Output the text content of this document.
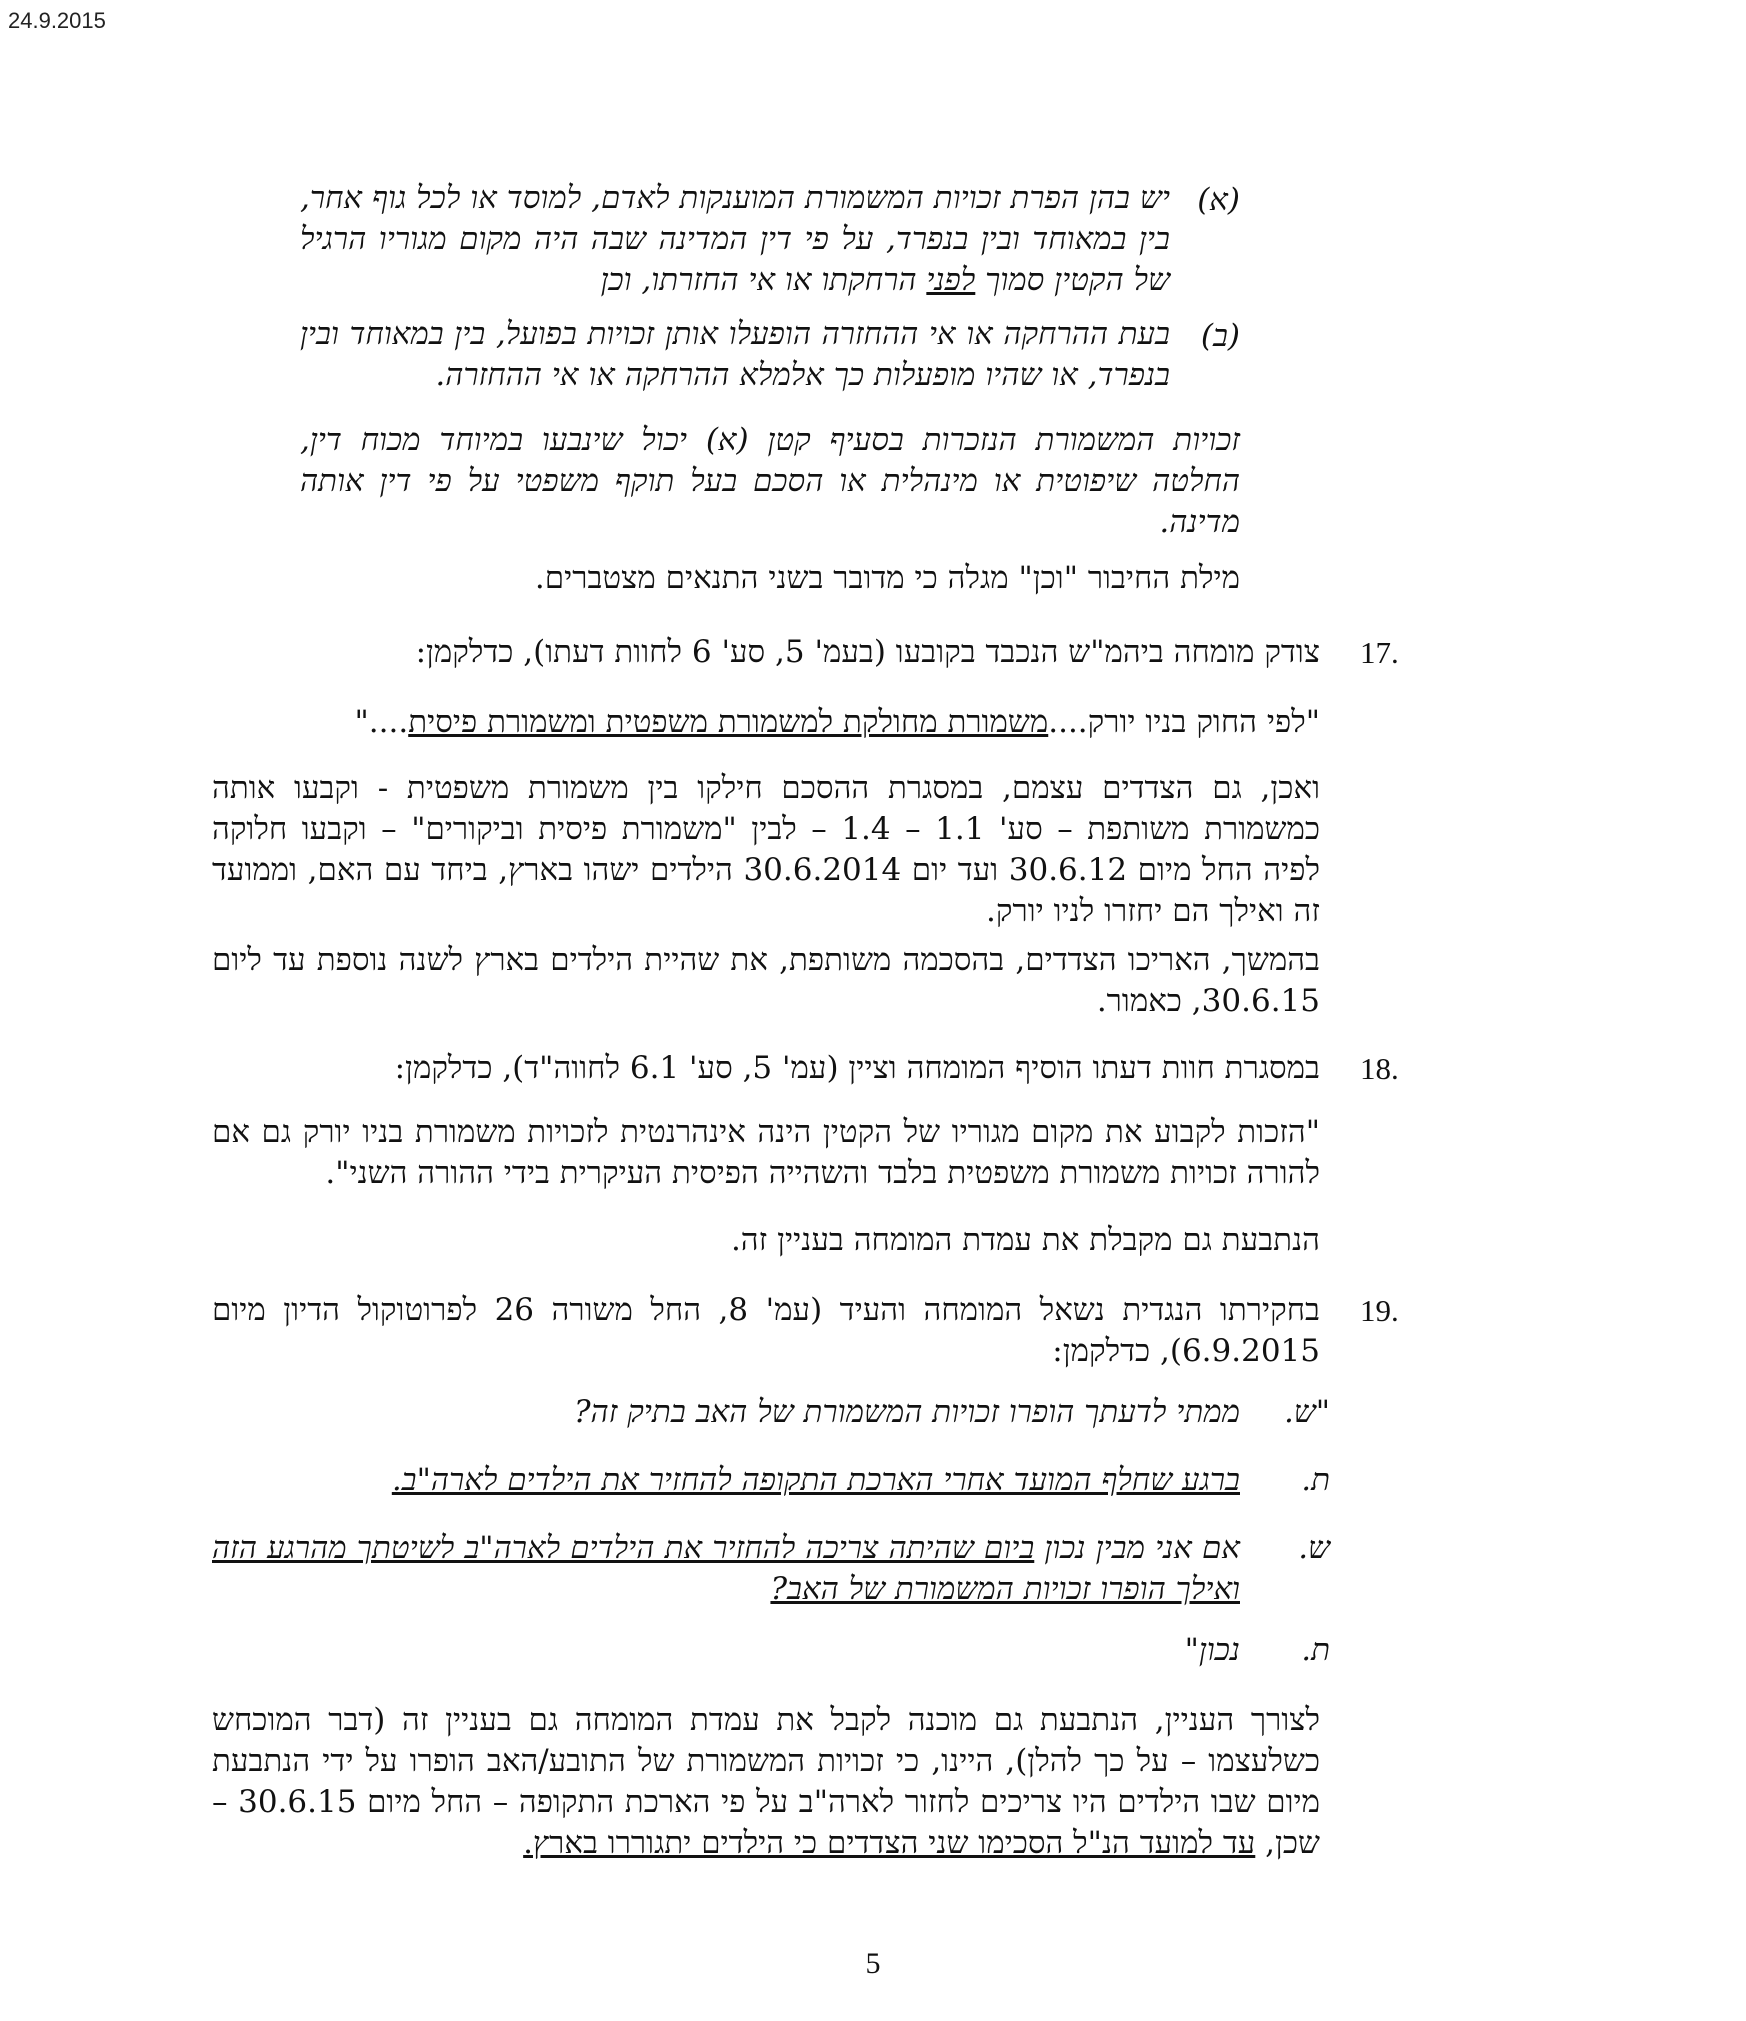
24.9.2015
(א)
יש בהן הפרת זכויות המשמורת המוענקות לאדם, למוסד או לכל גוף אחר, בין במאוחד ובין בנפרד, על פי דין המדינה שבה היה מקום מגוריו הרגיל של הקטין סמוך לפני הרחקתו או אי החזרתו, וכן
(ב)
בעת ההרחקה או אי ההחזרה הופעלו אותן זכויות בפועל, בין במאוחד ובין בנפרד, או שהיו מופעלות כך אלמלא ההרחקה או אי ההחזרה.
זכויות המשמורת הנזכרות בסעיף קטן (א) יכול שינבעו במיוחד מכוח דין, החלטה שיפוטית או מינהלית או הסכם בעל תוקף משפטי על פי דין אותה מדינה.
מילת החיבור "וכן" מגלה כי מדובר בשני התנאים מצטברים.
17.
צודק מומחה ביהמ"ש הנכבד בקובעו (בעמ' 5, סע' 6 לחוות דעתו), כדלקמן:
"לפי החוק בניו יורק....משמורת מחולקת למשמורת משפטית ומשמורת פיסית...."
ואכן, גם הצדדים עצמם, במסגרת ההסכם חילקו בין משמורת משפטית - וקבעו אותה כמשמורת משותפת – סע' 1.1 – 1.4 – לבין "משמורת פיסית וביקורים" – וקבעו חלוקה לפיה החל מיום 30.6.12 ועד יום 30.6.2014 הילדים ישהו בארץ, ביחד עם האם, וממועד זה ואילך הם יחזרו לניו יורק.
בהמשך, האריכו הצדדים, בהסכמה משותפת, את שהיית הילדים בארץ לשנה נוספת עד ליום 30.6.15, כאמור.
18.
במסגרת חוות דעתו הוסיף המומחה וציין (עמ' 5, סע' 6.1 לחווה"ד), כדלקמן:
"הזכות לקבוע את מקום מגוריו של הקטין הינה אינהרנטית לזכויות משמורת בניו יורק גם אם להורה זכויות משמורת משפטית בלבד והשהייה הפיסית העיקרית בידי ההורה השני".
הנתבעת גם מקבלת את עמדת המומחה בעניין זה.
19.
בחקירתו הנגדית נשאל המומחה והעיד (עמ' 8, החל משורה 26 לפרוטוקול הדיון מיום 6.9.2015), כדלקמן:
"ש.
ממתי לדעתך הופרו זכויות המשמורת של האב בתיק זה?
ת.
ברגע שחלף המועד אחרי הארכת התקופה להחזיר את הילדים לארה"ב.
ש.
אם אני מבין נכון ביום שהיתה צריכה להחזיר את הילדים לארה"ב לשיטתך מהרגע הזה ואילך הופרו זכויות המשמורת של האב?
ת.
נכון"
לצורך העניין, הנתבעת גם מוכנה לקבל את עמדת המומחה גם בעניין זה (דבר המוכחש כשלעצמו – על כך להלן), היינו, כי זכויות המשמורת של התובע/האב הופרו על ידי הנתבעת מיום שבו הילדים היו צריכים לחזור לארה"ב על פי הארכת התקופה – החל מיום 30.6.15 – שכן, עד למועד הנ"ל הסכימו שני הצדדים כי הילדים יתגוררו בארץ.
5
